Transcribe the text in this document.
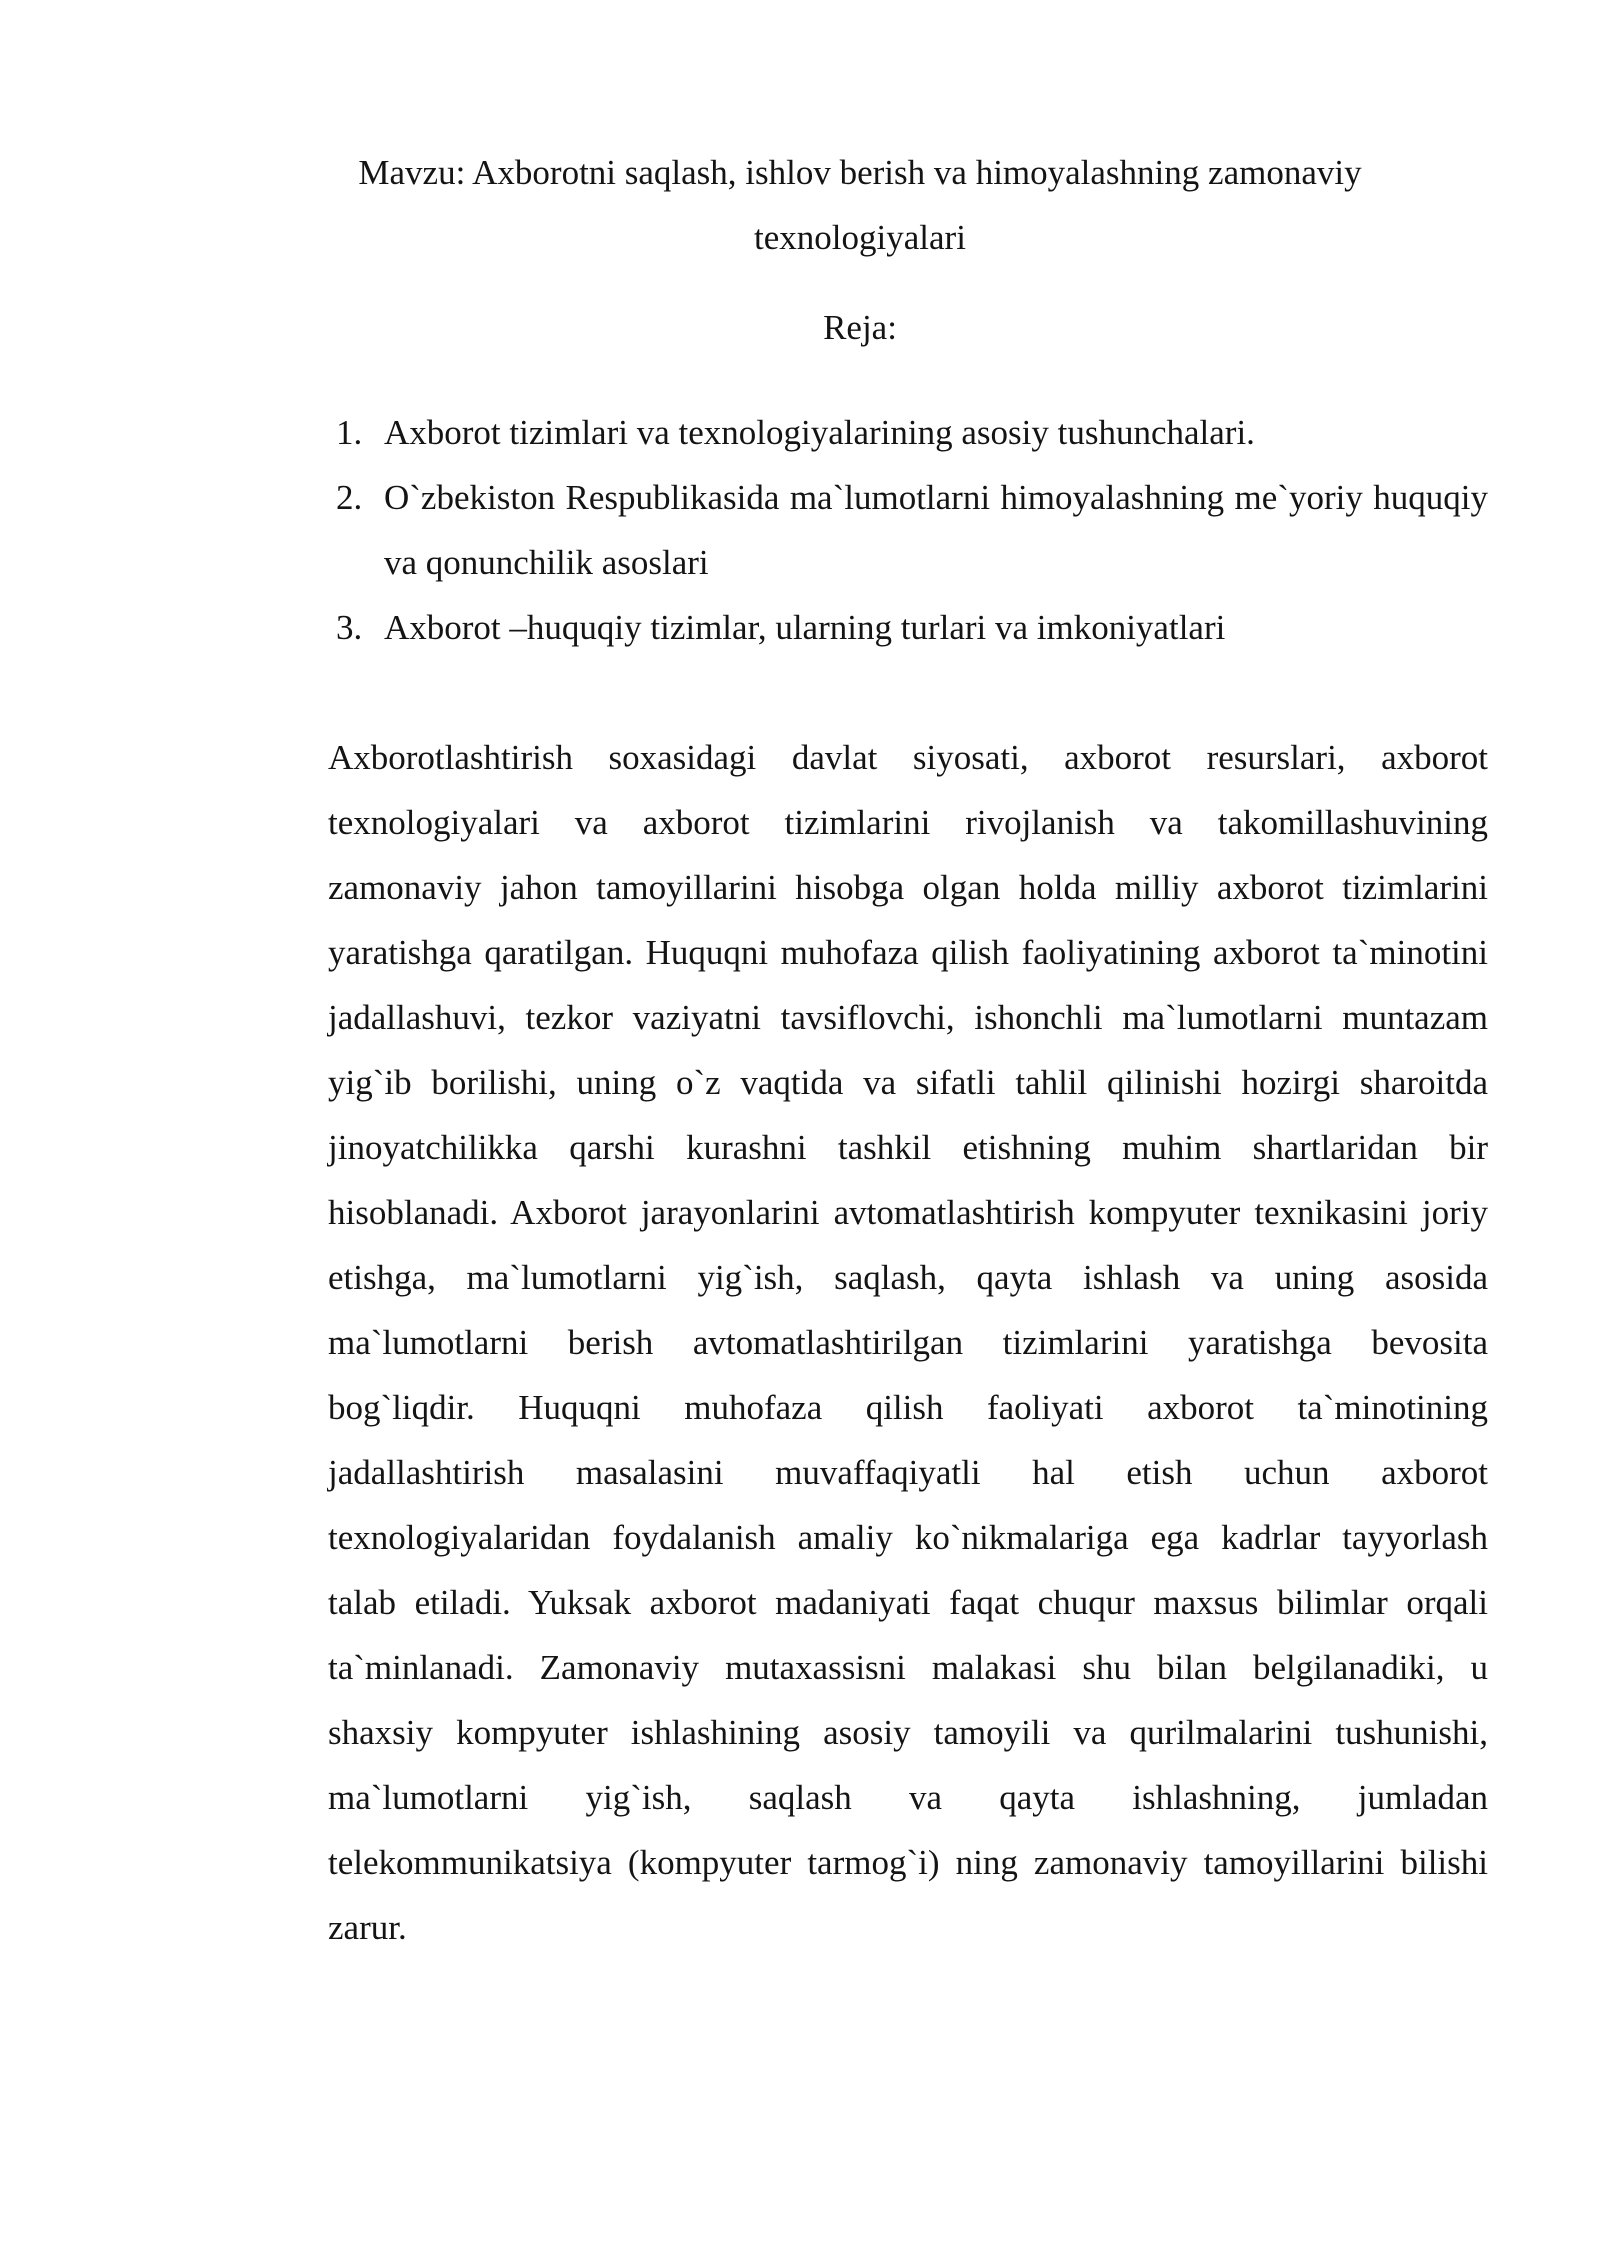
Mavzu: Axborotni saqlash, ishlov berish va himoyalashning zamonaviy texnologiyalari

Reja:

1. Axborot tizimlari va texnologiyalarining asosiy tushunchalari.
2. O`zbekiston Respublikasida ma`lumotlarni himoyalashning me`yoriy huquqiy va qonunchilik asoslari
3. Axborot –huquqiy tizimlar, ularning turlari va imkoniyatlari

Axborotlashtirish soxasidagi davlat siyosati, axborot resurslari, axborot texnologiyalari va axborot tizimlarini rivojlanish va takomillashuvining zamonaviy jahon tamoyillarini hisobga olgan holda milliy axborot tizimlarini yaratishga qaratilgan. Huquqni muhofaza qilish faoliyatining axborot ta`minotini jadallashuvi, tezkor vaziyatni tavsiflovchi, ishonchli ma`lumotlarni muntazam yig`ib borilishi, uning o`z vaqtida va sifatli tahlil qilinishi hozirgi sharoitda jinoyatchilikka qarshi kurashni tashkil etishning muhim shartlaridan bir hisoblanadi. Axborot jarayonlarini avtomatlashtirish kompyuter texnikasini joriy etishga, ma`lumotlarni yig`ish, saqlash, qayta ishlash va uning asosida ma`lumotlarni berish avtomatlashtirilgan tizimlarini yaratishga bevosita bog`liqdir. Huquqni muhofaza qilish faoliyati axborot ta`minotining jadallashtirish masalasini muvaffaqiyatli hal etish uchun axborot texnologiyalaridan foydalanish amaliy ko`nikmalariga ega kadrlar tayyorlash talab etiladi. Yuksak axborot madaniyati faqat chuqur maxsus bilimlar orqali ta`minlanadi. Zamonaviy mutaxassisni malakasi shu bilan belgilanadiki, u shaxsiy kompyuter ishlashining asosiy tamoyili va qurilmalarini tushunishi, ma`lumotlarni yig`ish, saqlash va qayta ishlashning, jumladan telekommunikatsiya (kompyuter tarmog`i) ning zamonaviy tamoyillarini bilishi zarur.
